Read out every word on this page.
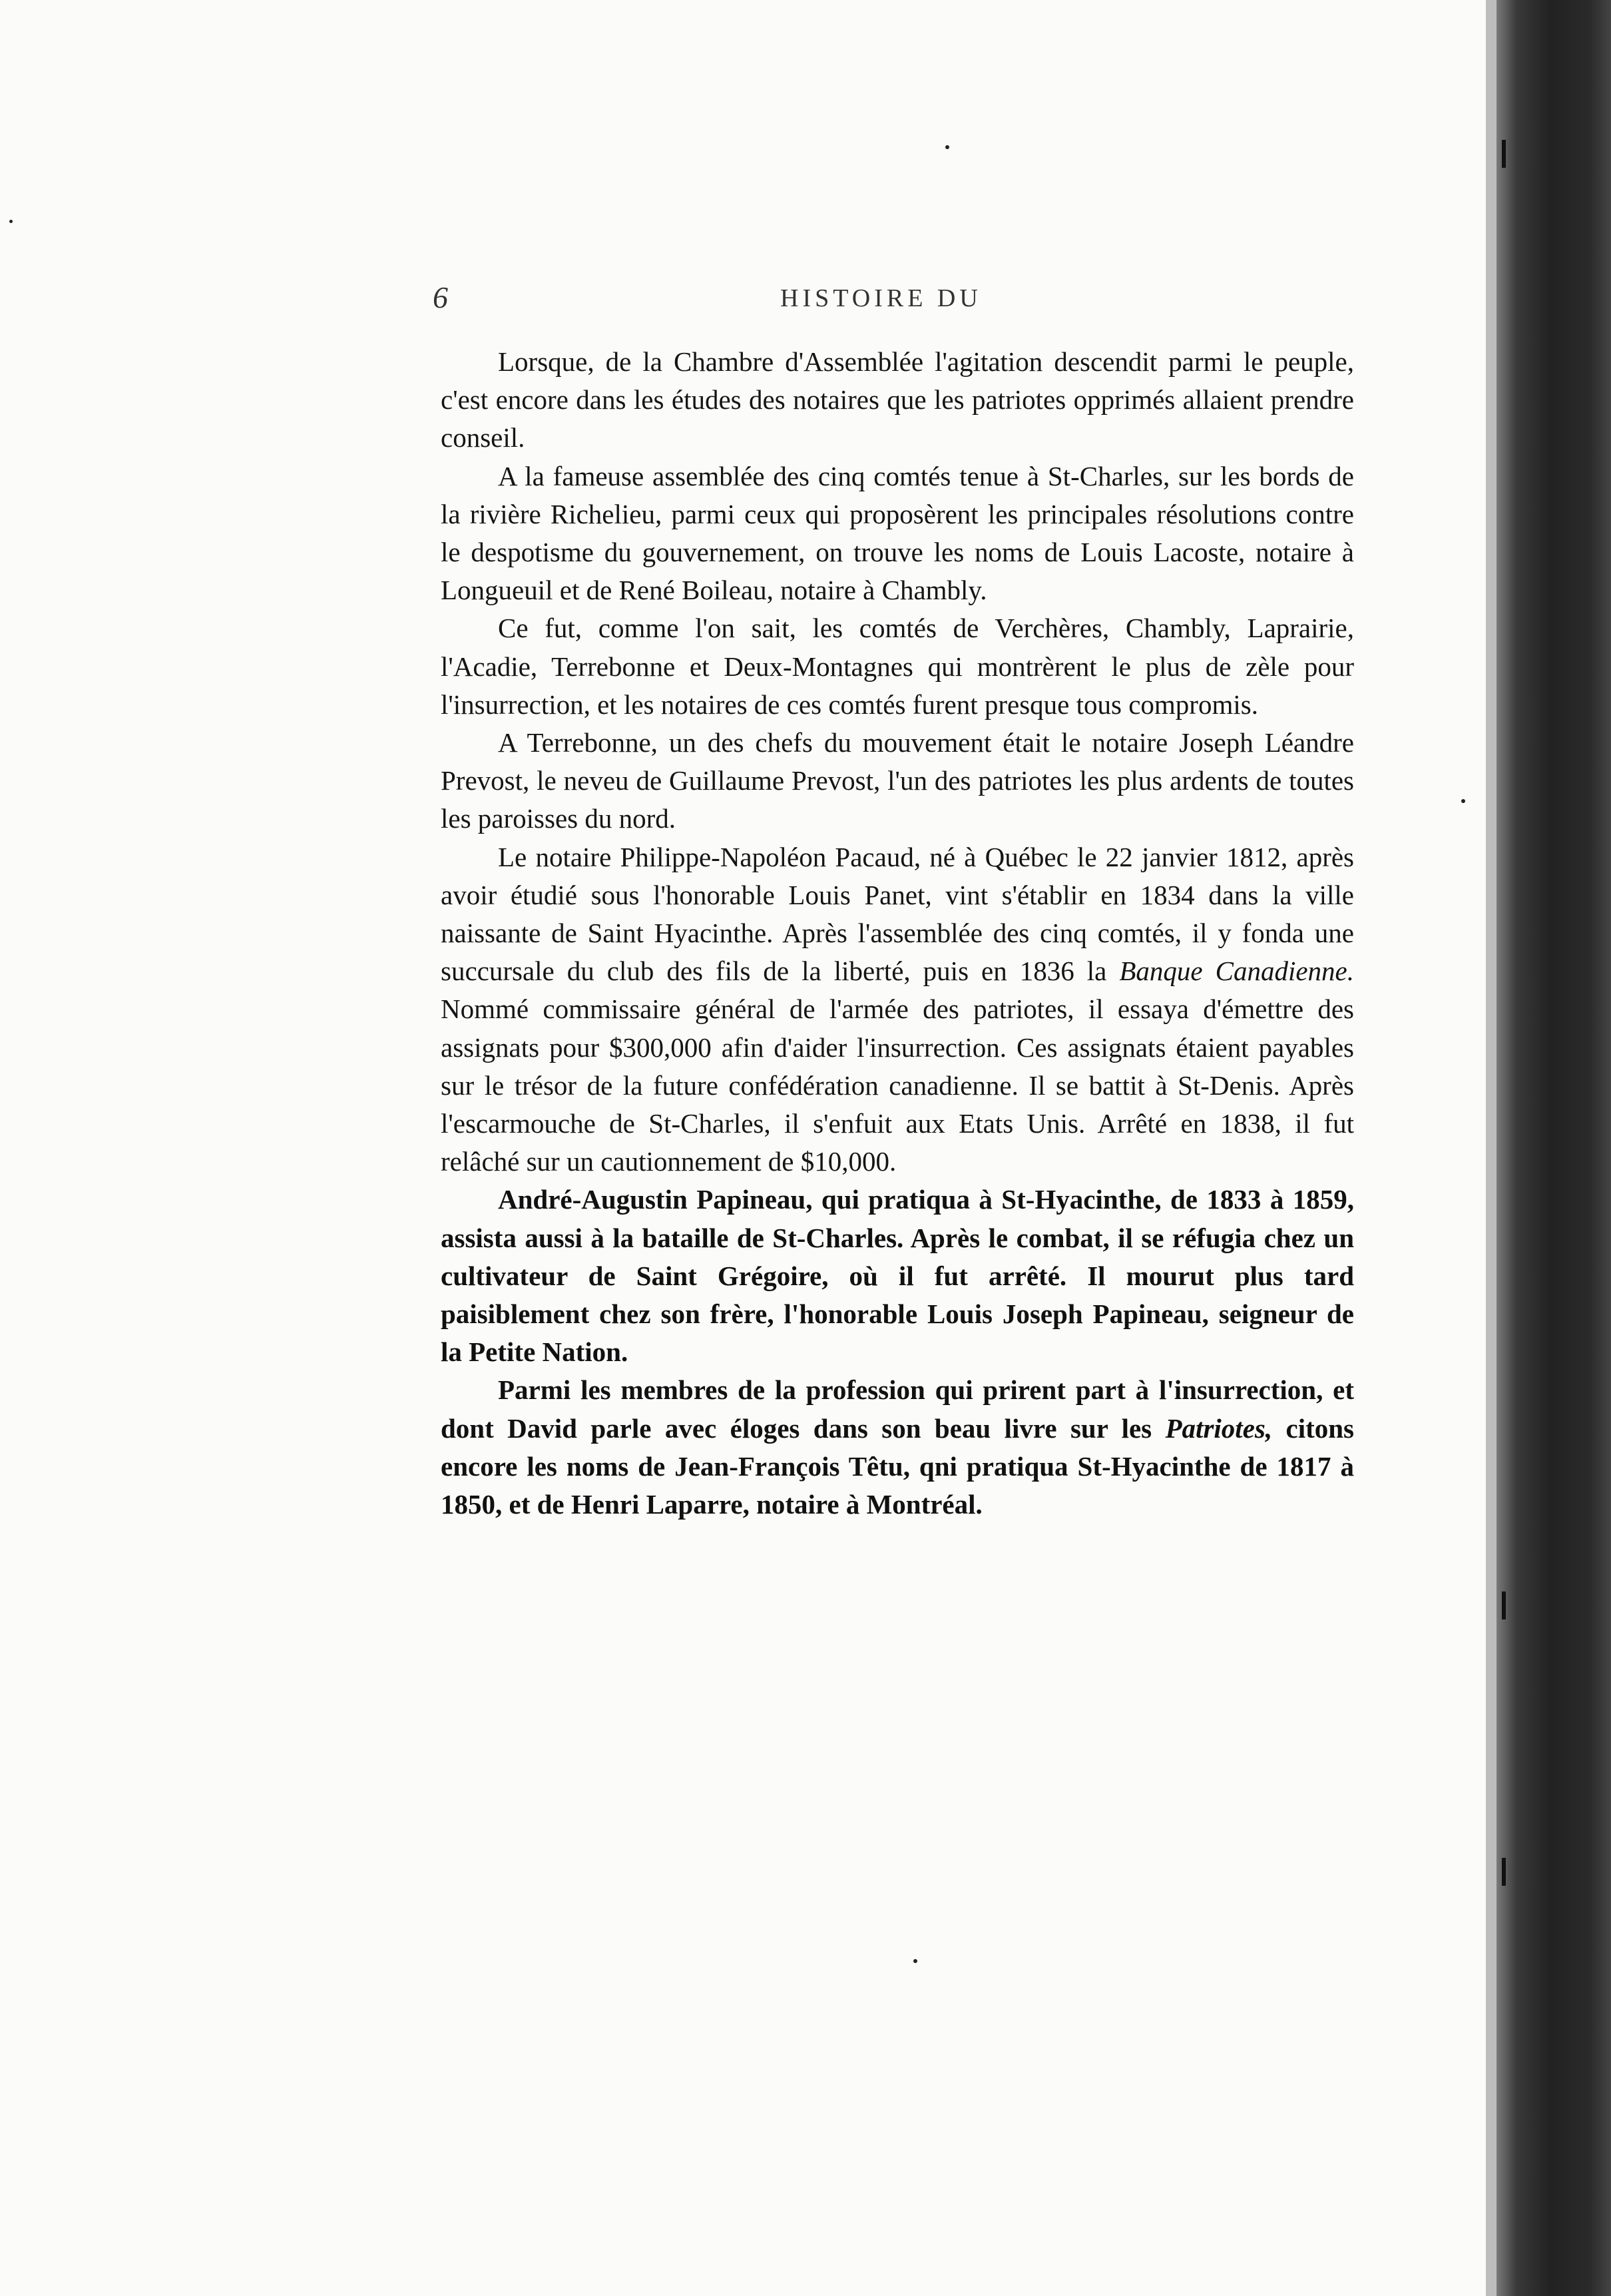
6	HISTOIRE DU

Lorsque, de la Chambre d'Assemblée l'agitation descendit parmi le peuple, c'est encore dans les études des notaires que les patriotes opprimés allaient prendre conseil.

A la fameuse assemblée des cinq comtés tenue à St-Charles, sur les bords de la rivière Richelieu, parmi ceux qui proposèrent les principales résolutions contre le despotisme du gouvernement, on trouve les noms de Louis Lacoste, notaire à Longueuil et de René Boileau, notaire à Chambly.

Ce fut, comme l'on sait, les comtés de Verchères, Chambly, Laprairie, l'Acadie, Terrebonne et Deux-Montagnes qui montrèrent le plus de zèle pour l'insurrection, et les notaires de ces comtés furent presque tous compromis.

A Terrebonne, un des chefs du mouvement était le notaire Joseph Léandre Prevost, le neveu de Guillaume Prevost, l'un des patriotes les plus ardents de toutes les paroisses du nord.

Le notaire Philippe-Napoléon Pacaud, né à Québec le 22 janvier 1812, après avoir étudié sous l'honorable Louis Panet, vint s'établir en 1834 dans la ville naissante de Saint Hyacinthe. Après l'assemblée des cinq comtés, il y fonda une succursale du club des fils de la liberté, puis en 1836 la Banque Canadienne. Nommé commissaire général de l'armée des patriotes, il essaya d'émettre des assignats pour $300,000 afin d'aider l'insurrection. Ces assignats étaient payables sur le trésor de la future confédération canadienne. Il se battit à St-Denis. Après l'escarmouche de St-Charles, il s'enfuit aux Etats Unis. Arrêté en 1838, il fut relâché sur un cautionnement de $10,000.

André-Augustin Papineau, qui pratiqua à St-Hyacinthe, de 1833 à 1859, assista aussi à la bataille de St-Charles. Après le combat, il se réfugia chez un cultivateur de Saint Grégoire, où il fut arrêté. Il mourut plus tard paisiblement chez son frère, l'honorable Louis Joseph Papineau, seigneur de la Petite Nation.

Parmi les membres de la profession qui prirent part à l'insurrection, et dont David parle avec éloges dans son beau livre sur les Patriotes, citons encore les noms de Jean-François Têtu, qni pratiqua St-Hyacinthe de 1817 à 1850, et de Henri Laparre, notaire à Montréal.
